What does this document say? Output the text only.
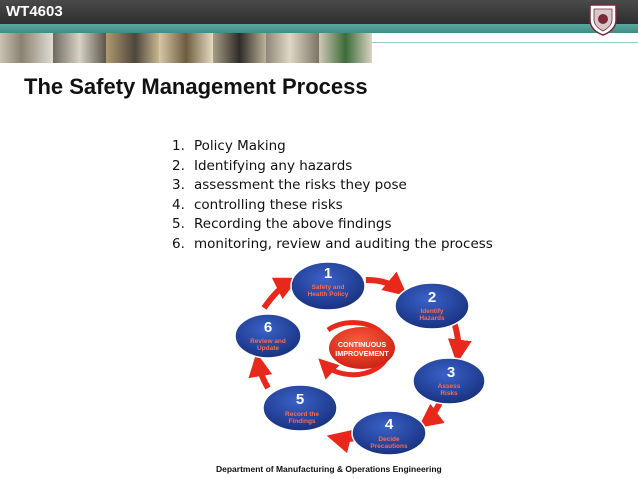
WT4603
The Safety Management Process
1. Policy Making
2. Identifying any hazards
3. assessment the risks they pose
4. controlling these risks
5. Recording the above findings
6. monitoring, review and auditing the process
CONTINUOUS
IMPROVEMENT
1
Safety and
Health Policy	2
Identify
Hazards
3
Assess
Risks
4
Decide
Precautions
5
Record the
Findings
6
Review and
Update
Department of Manufacturing & Operations Engineering
